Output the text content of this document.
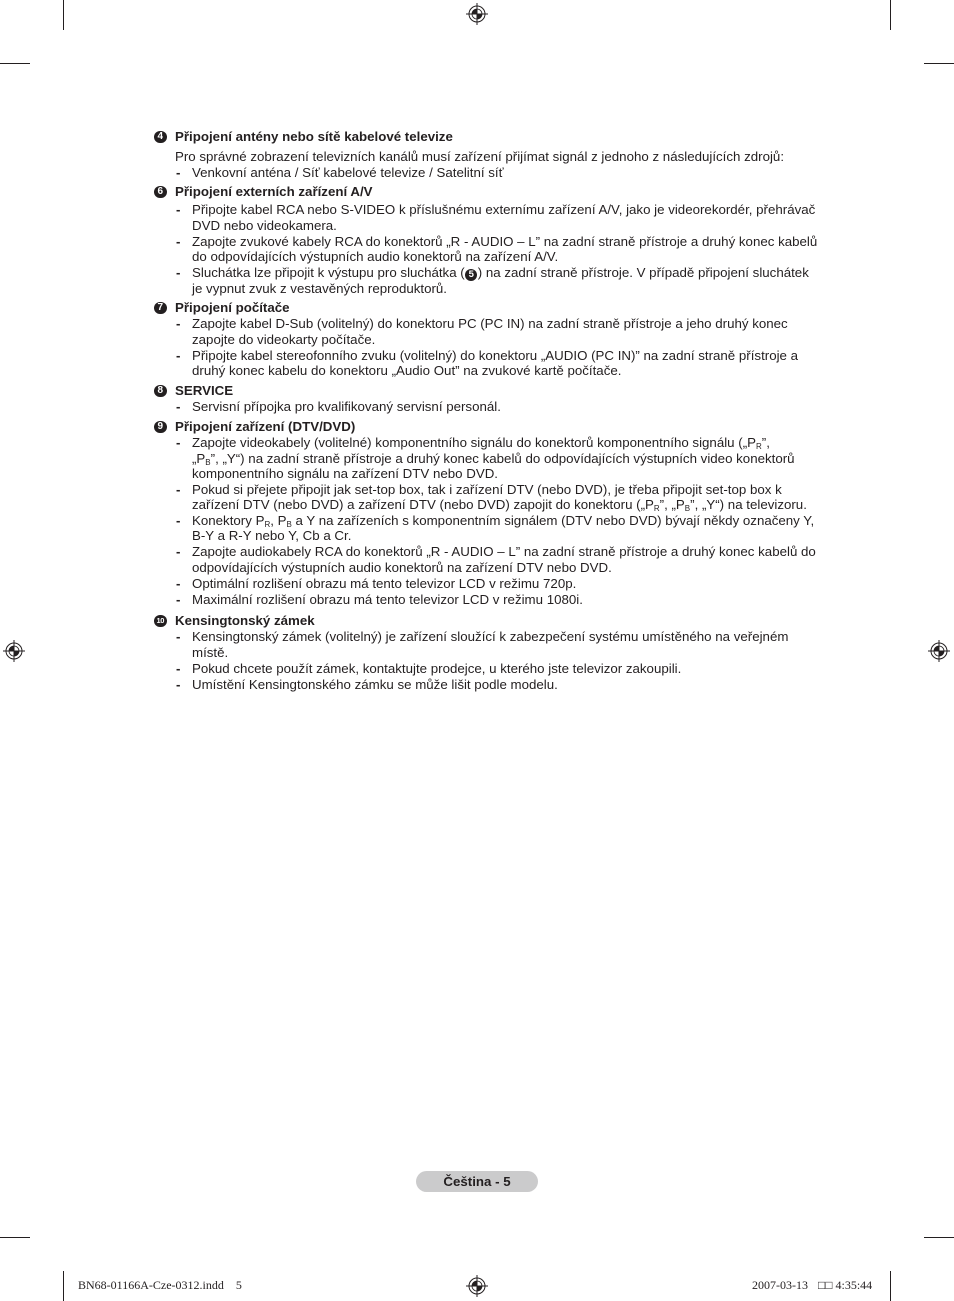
4 Připojení antény nebo sítě kabelové televize

Pro správné zobrazení televizních kanálů musí zařízení přijímat signál z jednoho z následujících zdrojů:

- Venkovní anténa / Síť kabelové televize / Satelitní síť
6 Připojení externích zařízení A/V
- Připojte kabel RCA nebo S-VIDEO k příslušnému externímu zařízení A/V, jako je videorekordér, přehrávač
DVD nebo videokamera.
- Zapojte zvukové kabely RCA do konektorů „R - AUDIO – L” na zadní straně přístroje a druhý konec kabelů
do odpovídajících výstupních audio konektorů na zařízení A/V.
- Sluchátka lze připojit k výstupu pro sluchátka ( 5 ) na zadní straně přístroje. V případě připojení sluchátek
je vypnut zvuk z vestavěných reproduktorů.
7 Připojení počítače
- Zapojte kabel D-Sub (volitelný) do konektoru PC (PC IN) na zadní straně přístroje a jeho druhý konec
zapojte do videokarty počítače.
- Připojte kabel stereofonního zvuku (volitelný) do konektoru „AUDIO (PC IN)” na zadní straně přístroje a
druhý konec kabelu do konektoru „Audio Out” na zvukové kartě počítače.
8 SERVICE
- Servisní přípojka pro kvalifikovaný servisní personál.
9 Připojení zařízení (DTV/DVD)
- Zapojte videokabely (volitelné) komponentního signálu do konektorů komponentního signálu („PR”,
„PB”, „Y“) na zadní straně přístroje a druhý konec kabelů do odpovídajících výstupních video konektorů
komponentního signálu na zařízení DTV nebo DVD.
- Pokud si přejete připojit jak set-top box, tak i zařízení DTV (nebo DVD), je třeba připojit set-top box k
zařízení DTV (nebo DVD) a zařízení DTV (nebo DVD) zapojit do konektoru („PR”, „PB”, „Y“) na televizoru.
- Konektory PR, PB a Y na zařízeních s komponentním signálem (DTV nebo DVD) bývají někdy označeny Y,
B-Y a R-Y nebo Y, Cb a Cr.
- Zapojte audiokabely RCA do konektorů „R - AUDIO – L” na zadní straně přístroje a druhý konec kabelů do
odpovídajících výstupních audio konektorů na zařízení DTV nebo DVD.
- Optimální rozlišení obrazu má tento televizor LCD v režimu 720p.
- Maximální rozlišení obrazu má tento televizor LCD v režimu 1080i.
10 Kensingtonský zámek
- Kensingtonský zámek (volitelný) je zařízení sloužící k zabezpečení systému umístěného na veřejném
místě.
- Pokud chcete použít zámek, kontaktujte prodejce, u kterého jste televizor zakoupili.
- Umístění Kensingtonského zámku se může lišit podle modelu.
Čeština - 5
BN68-01166A-Cze-0312.indd 5	2007-03-13 □□ 4:35:44
